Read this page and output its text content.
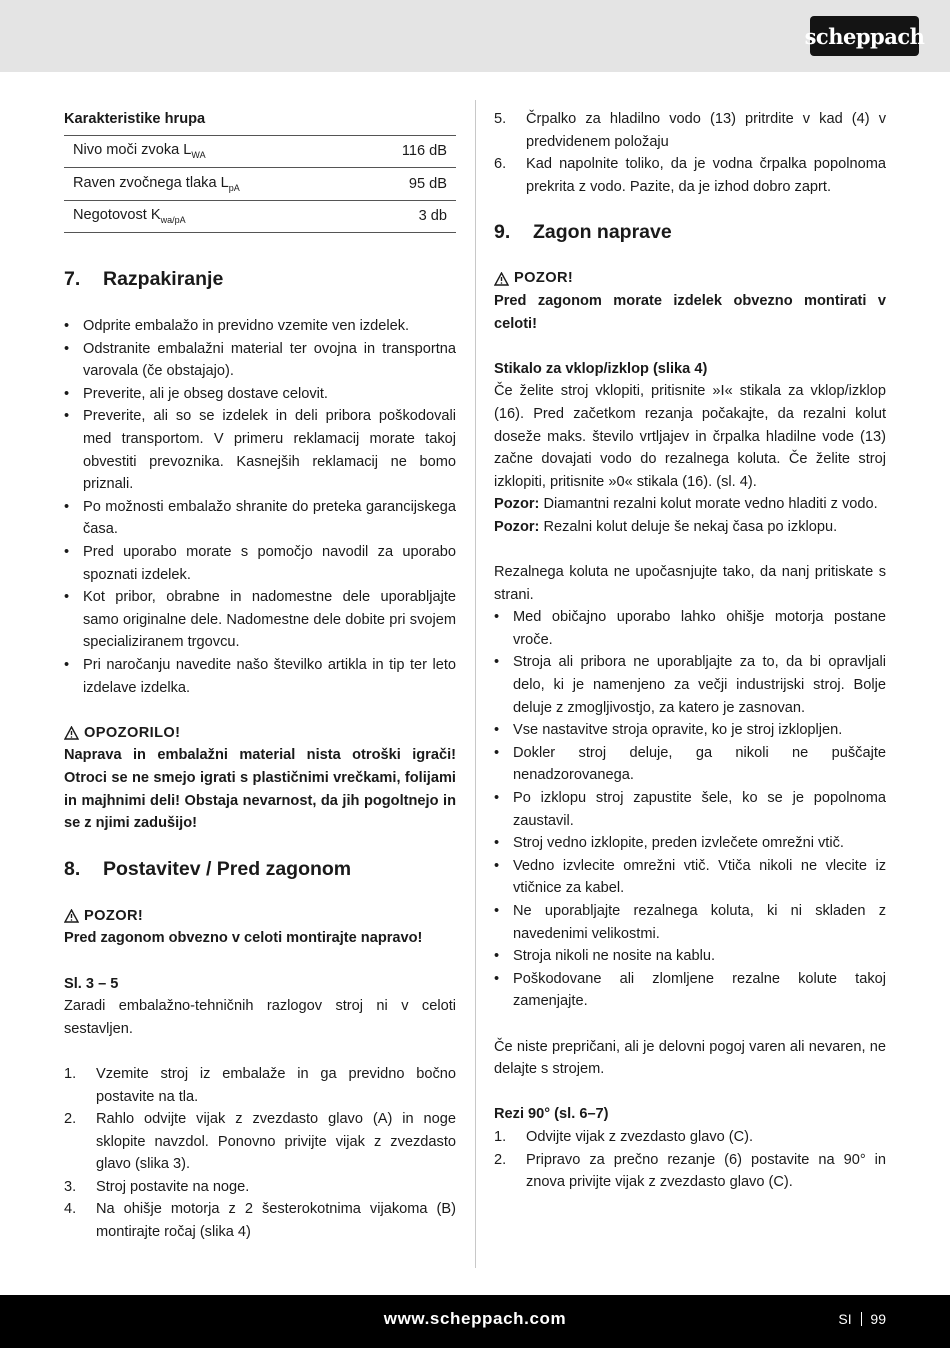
scheppach

Karakteristike hrupa

Nivo moči zvoka $L_{WA}$	116 dB
Raven zvočnega tlaka $L_{pA}$	95 dB
Negotovost $K_{wa/pA}$	3 db
7. Razpakiranje
• Odprite embalažo in previdno vzemite ven izdelek.
• Odstranite embalažni material ter ovojna in transportna varovala (če obstajajo).
• Preverite, ali je obseg dostave celovit.
• Preverite, ali so se izdelek in deli pribora poškodovali med transportom. V primeru reklamacij morate takoj obvestiti prevoznika. Kasnejših reklamacij ne bomo priznali.
• Po možnosti embalažo shranite do preteka garancijskega časa.
• Pred uporabo morate s pomočjo navodil za uporabo spoznati izdelek.
• Kot pribor, obrabne in nadomestne dele uporabljajte samo originalne dele. Nadomestne dele dobite pri svojem specializiranem trgovcu.
• Pri naročanju navedite našo številko artikla in tip ter leto izdelave izdelka.
OPOZORILO!

Naprava in embalažni material nista otroški igrači! Otroci se ne smejo igrati s plastičnimi vrečkami, folijami in majhnimi deli! Obstaja nevarnost, da jih pogoltnejo in se z njimi zadušijo!

8. Postavitev / Pred zagonom
POZOR!

Pred zagonom obvezno v celoti montirajte napravo!

Sl. 3 – 5

Zaradi embalažno-tehničnih razlogov stroj ni v celoti sestavljen.

1. Vzemite stroj iz embalaže in ga previdno bočno postavite na tla.
2. Rahlo odvijte vijak z zvezdasto glavo (A) in noge sklopite navzdol. Ponovno privijte vijak z zvezdasto glavo (slika 3).
3. Stroj postavite na noge.
4. Na ohišje motorja z 2 šesterokotnima vijakoma (B) montirajte ročaj (slika 4)
5. Črpalko za hladilno vodo (13) pritrdite v kad (4) v predvidenem položaju
6. Kad napolnite toliko, da je vodna črpalka popolnoma prekrita z vodo. Pazite, da je izhod dobro zaprt.
9. Zagon naprave
POZOR!

Pred zagonom morate izdelek obvezno montirati v celoti!

Stikalo za vklop/izklop (slika 4)

Če želite stroj vklopiti, pritisnite »I« stikala za vklop/izklop (16). Pred začetkom rezanja počakajte, da rezalni kolut doseže maks. število vrtljajev in črpalka hladilne vode (13) začne dovajati vodo do rezalnega koluta. Če želite stroj izklopiti, pritisnite »0« stikala (16). (sl. 4).

Pozor: Diamantni rezalni kolut morate vedno hladiti z vodo.

Pozor: Rezalni kolut deluje še nekaj časa po izklopu.

Rezalnega koluta ne upočasnjujte tako, da nanj pritiskate s strani.

• Med običajno uporabo lahko ohišje motorja postane vroče.
• Stroja ali pribora ne uporabljajte za to, da bi opravljali delo, ki je namenjeno za večji industrijski stroj. Bolje deluje z zmogljivostjo, za katero je zasnovan.
• Vse nastavitve stroja opravite, ko je stroj izklopljen.
• Dokler stroj deluje, ga nikoli ne puščajte nenadzorovanega.
• Po izklopu stroj zapustite šele, ko se je popolnoma zaustavil.
• Stroj vedno izklopite, preden izvlečete omrežni vtič.
• Vedno izvlecite omrežni vtič. Vtiča nikoli ne vlecite iz vtičnice za kabel.
• Ne uporabljajte rezalnega koluta, ki ni skladen z navedenimi velikostmi.
• Stroja nikoli ne nosite na kablu.
• Poškodovane ali zlomljene rezalne kolute takoj zamenjajte.

Če niste prepričani, ali je delovni pogoj varen ali nevaren, ne delajte s strojem.

Rezi 90° (sl. 6–7)

1. Odvijte vijak z zvezdasto glavo (C).
2. Pripravo za prečno rezanje (6) postavite na 90° in znova privijte vijak z zvezdasto glavo (C).
www.scheppach.com	SI 99
